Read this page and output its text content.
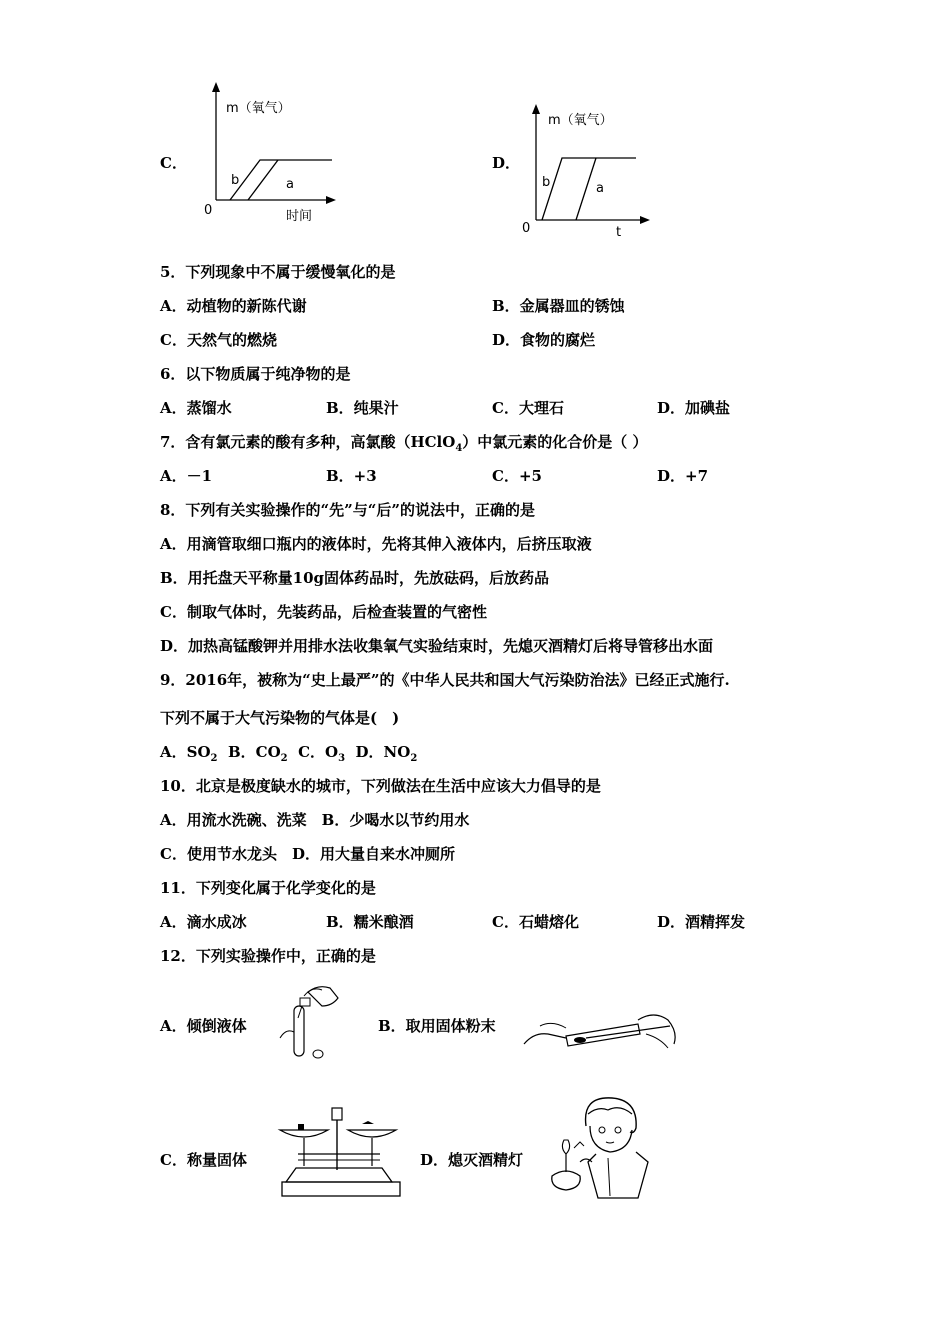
C．
m（氧气）
b	a
0	时间
D．
m（氧气）
b	a
0	t
5．下列现象中不属于缓慢氧化的是
A．动植物的新陈代谢	B．金属器皿的锈蚀
C．天然气的燃烧	D．食物的腐烂
6．以下物质属于纯净物的是
A．蒸馏水	B．纯果汁	C．大理石	D．加碘盐
7．含有氯元素的酸有多种，高氯酸（HClO$_4$）中氯元素的化合价是（ ）
A．－1	B．+3	C．+5	D．+7
8．下列有关实验操作的“先”与“后”的说法中，正确的是
A．用滴管取细口瓶内的液体时，先将其伸入液体内，后挤压取液
B．用托盘天平称量10g固体药品时，先放砝码，后放药品
C．制取气体时，先装药品，后检查装置的气密性
D．加热高锰酸钾并用排水法收集氧气实验结束时，先熄灭酒精灯后将导管移出水面
9．2016年，被称为“史上最严”的《中华人民共和国大气污染防治法》已经正式施行.
下列不属于大气污染物的气体是(　)
A．$SO_2$ B．$CO_2$ C．$O_3$ D．$NO_2$
10．北京是极度缺水的城市，下列做法在生活中应该大力倡导的是
A．用流水洗碗、洗菜　B．少喝水以节约用水
C．使用节水龙头　D．用大量自来水冲厕所
11．下列变化属于化学变化的是
A．滴水成冰	B．糯米酿酒	C．石蜡熔化	D．酒精挥发
12．下列实验操作中，正确的是
A．倾倒液体	B．取用固体粉末
C．称量固体	D．熄灭酒精灯
